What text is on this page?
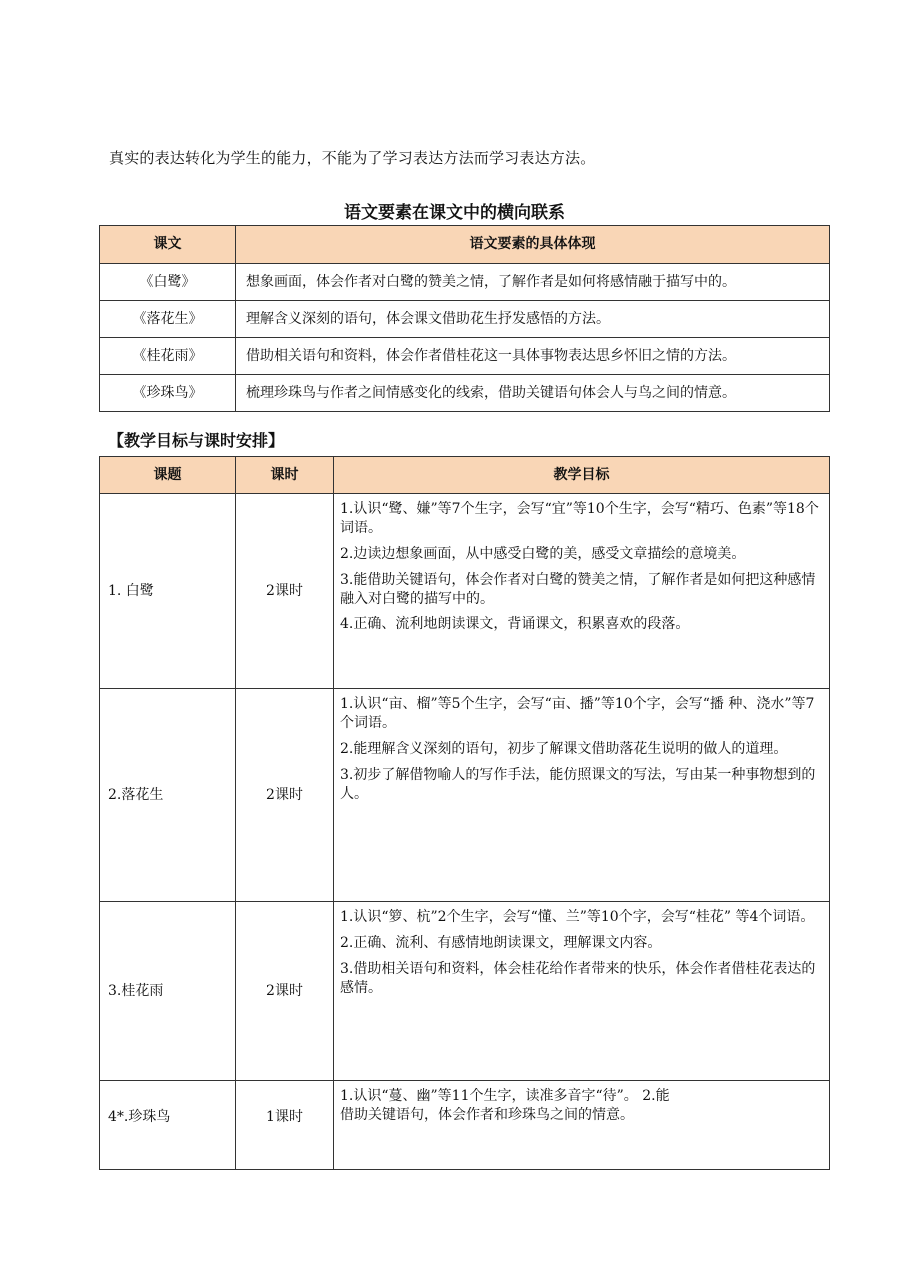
真实的表达转化为学生的能力，不能为了学习表达方法而学习表达方法。
语文要素在课文中的横向联系
课文	语文要素的具体体现
《白鹭》	想象画面，体会作者对白鹭的赞美之情，了解作者是如何将感情融于描写中的。
《落花生》	理解含义深刻的语句，体会课文借助花生抒发感悟的方法。
《桂花雨》	借助相关语句和资料，体会作者借桂花这一具体事物表达思乡怀旧之情的方法。
《珍珠鸟》	梳理珍珠鸟与作者之间情感变化的线索，借助关键语句体会人与鸟之间的情意。
【教学目标与课时安排】
课题	课时	教学目标
1. 白鹭	2课时	1.认识“鹭、嫌”等7个生字，会写“宜”等10个生字，会写“精巧、色素”等18个词语。

2.边读边想象画面，从中感受白鹭的美，感受文章描绘的意境美。

3.能借助关键语句，体会作者对白鹭的赞美之情，了解作者是如何把这种感情融入对白鹭的描写中的。

4.正确、流利地朗读课文，背诵课文，积累喜欢的段落。

2.落花生	2课时	1.认识“亩、榴”等5个生字，会写“亩、播”等10个字，会写“播 种、浇水”等7个词语。

2.能理解含义深刻的语句，初步了解课文借助落花生说明的做人的道理。

3.初步了解借物喻人的写作手法，能仿照课文的写法，写由某一种事物想到的人。

3.桂花雨	2课时	1.认识“箩、杭”2个生字，会写“懂、兰”等10个字，会写“桂花” 等4个词语。

2.正确、流利、有感情地朗读课文，理解课文内容。

3.借助相关语句和资料，体会桂花给作者带来的快乐，体会作者借桂花表达的感情。

4*.珍珠鸟	1课时	1.认识“蔓、幽”等11个生字，读准多音字“待”。 2.能借助关键语句，体会作者和珍珠鸟之间的情意。
